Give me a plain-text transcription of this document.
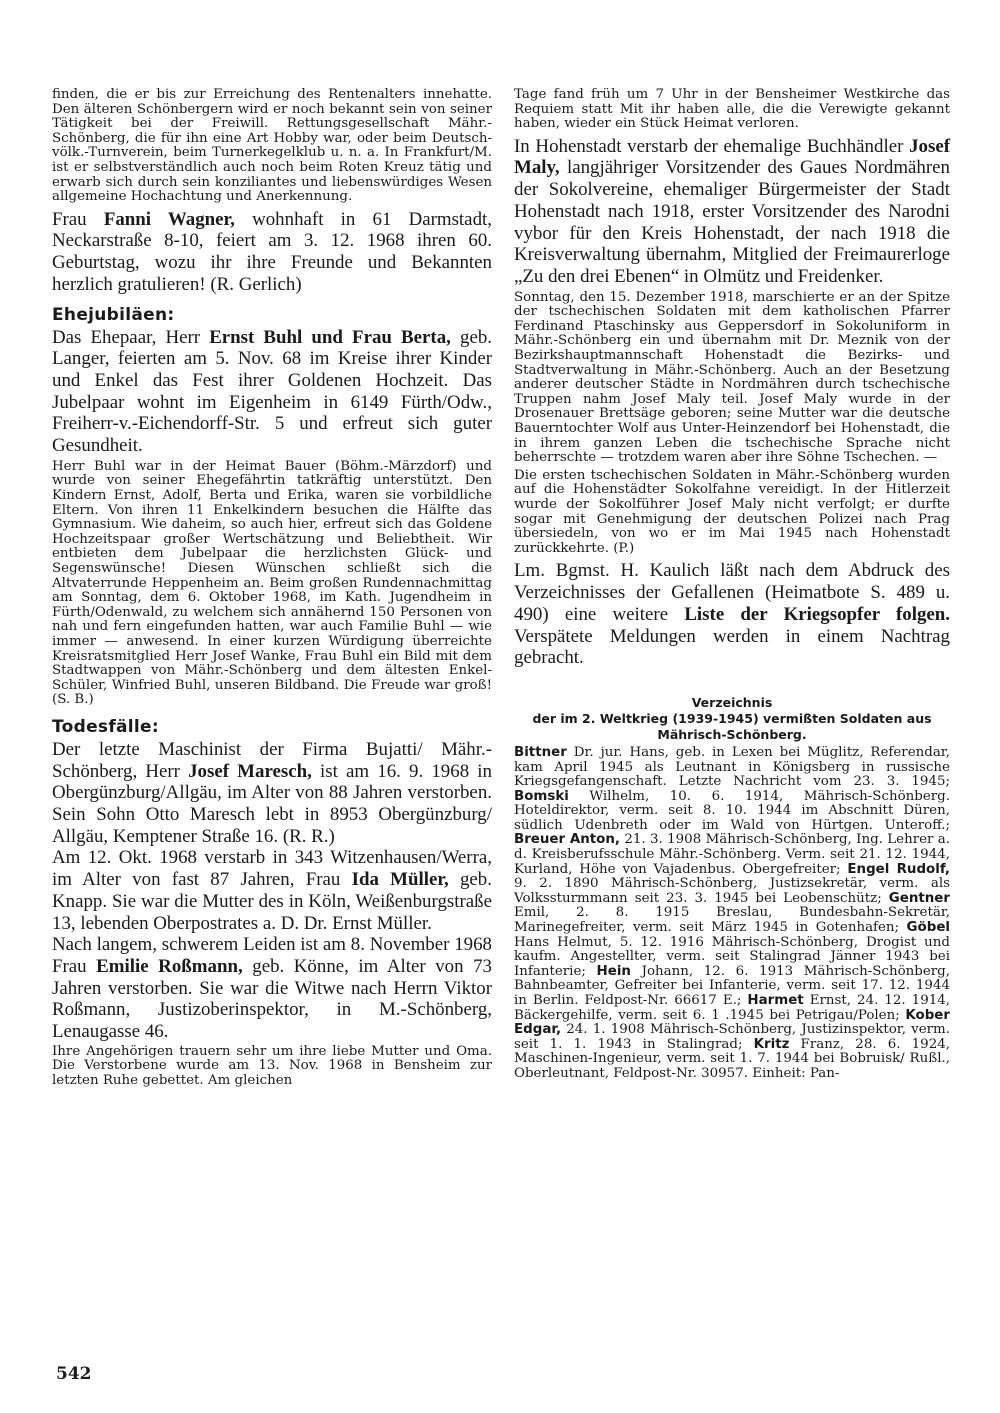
finden, die er bis zur Erreichung des Rentenalters innehatte. Den älteren Schönbergern wird er noch bekannt sein von seiner Tätigkeit bei der Freiwill. Rettungsgesellschaft Mähr.-Schönberg, die für ihn eine Art Hobby war, oder beim Deutsch-völk.-Turnverein, beim Turnerkegelklub u. n. a. In Frankfurt/M. ist er selbstverständlich auch noch beim Roten Kreuz tätig und erwarb sich durch sein konziliantes und liebenswürdiges Wesen allgemeine Hochachtung und Anerkennung.

Frau Fanni Wagner, wohnhaft in 61 Darmstadt, Neckarstraße 8-10, feiert am 3. 12. 1968 ihren 60. Geburtstag, wozu ihr ihre Freunde und Bekannten herzlich gratulieren! (R. Gerlich)

Ehejubiläen:

Das Ehepaar, Herr Ernst Buhl und Frau Berta, geb. Langer, feierten am 5. Nov. 68 im Kreise ihrer Kinder und Enkel das Fest ihrer Goldenen Hochzeit. Das Jubelpaar wohnt im Eigenheim in 6149 Fürth/Odw., Freiherr-v.-Eichendorff-Str. 5 und erfreut sich guter Gesundheit.

Herr Buhl war in der Heimat Bauer (Böhm.-Märzdorf) und wurde von seiner Ehegefährtin tatkräftig unterstützt. Den Kindern Ernst, Adolf, Berta und Erika, waren sie vorbildliche Eltern. Von ihren 11 Enkelkindern besuchen die Hälfte das Gymnasium. Wie daheim, so auch hier, erfreut sich das Goldene Hochzeitspaar großer Wertschätzung und Beliebtheit. Wir entbieten dem Jubelpaar die herzlichsten Glück- und Segenswünsche! Diesen Wünschen schließt sich die Altvaterrunde Heppenheim an. Beim großen Rundennachmittag am Sonntag, dem 6. Oktober 1968, im Kath. Jugendheim in Fürth/Odenwald, zu welchem sich annähernd 150 Personen von nah und fern eingefunden hatten, war auch Familie Buhl — wie immer — anwesend. In einer kurzen Würdigung überreichte Kreisratsmitglied Herr Josef Wanke, Frau Buhl ein Bild mit dem Stadtwappen von Mähr.-Schönberg und dem ältesten Enkel-Schüler, Winfried Buhl, unseren Bildband. Die Freude war groß! (S. B.)

Todesfälle:

Der letzte Maschinist der Firma Bujatti/ Mähr.-Schönberg, Herr Josef Maresch, ist am 16. 9. 1968 in Obergünzburg/Allgäu, im Alter von 88 Jahren verstorben. Sein Sohn Otto Maresch lebt in 8953 Obergünzburg/ Allgäu, Kemptener Straße 16. (R. R.)

Am 12. Okt. 1968 verstarb in 343 Witzenhausen/Werra, im Alter von fast 87 Jahren, Frau Ida Müller, geb. Knapp. Sie war die Mutter des in Köln, Weißenburgstraße 13, lebenden Oberpostrates a. D. Dr. Ernst Müller.

Nach langem, schwerem Leiden ist am 8. November 1968 Frau Emilie Roßmann, geb. Könne, im Alter von 73 Jahren verstorben. Sie war die Witwe nach Herrn Viktor Roßmann, Justizoberinspektor, in M.-Schönberg, Lenaugasse 46.

Ihre Angehörigen trauern sehr um ihre liebe Mutter und Oma. Die Verstorbene wurde am 13. Nov. 1968 in Bensheim zur letzten Ruhe gebettet. Am gleichen

Tage fand früh um 7 Uhr in der Bensheimer Westkirche das Requiem statt Mit ihr haben alle, die die Verewigte gekannt haben, wieder ein Stück Heimat verloren.

In Hohenstadt verstarb der ehemalige Buchhändler Josef Maly, langjähriger Vorsitzender des Gaues Nordmähren der Sokolvereine, ehemaliger Bürgermeister der Stadt Hohenstadt nach 1918, erster Vorsitzender des Narodni vybor für den Kreis Hohenstadt, der nach 1918 die Kreisverwaltung übernahm, Mitglied der Freimaurerloge „Zu den drei Ebenen“ in Olmütz und Freidenker.

Sonntag, den 15. Dezember 1918, marschierte er an der Spitze der tschechischen Soldaten mit dem katholischen Pfarrer Ferdinand Ptaschinsky aus Geppersdorf in Sokoluniform in Mähr.-Schönberg ein und übernahm mit Dr. Meznik von der Bezirkshauptmannschaft Hohenstadt die Bezirks- und Stadtverwaltung in Mähr.-Schönberg. Auch an der Besetzung anderer deutscher Städte in Nordmähren durch tschechische Truppen nahm Josef Maly teil. Josef Maly wurde in der Drosenauer Brettsäge geboren; seine Mutter war die deutsche Bauerntochter Wolf aus Unter-Heinzendorf bei Hohenstadt, die in ihrem ganzen Leben die tschechische Sprache nicht beherrschte — trotzdem waren aber ihre Söhne Tschechen. —

Die ersten tschechischen Soldaten in Mähr.-Schönberg wurden auf die Hohenstädter Sokolfahne vereidigt. In der Hitlerzeit wurde der Sokolführer Josef Maly nicht verfolgt; er durfte sogar mit Genehmigung der deutschen Polizei nach Prag übersiedeln, von wo er im Mai 1945 nach Hohenstadt zurückkehrte. (P.)

Lm. Bgmst. H. Kaulich läßt nach dem Abdruck des Verzeichnisses der Gefallenen (Heimatbote S. 489 u. 490) eine weitere Liste der Kriegsopfer folgen. Verspätete Meldungen werden in einem Nachtrag gebracht.

Verzeichnis
der im 2. Weltkrieg (1939-1945) vermißten Soldaten aus
Mährisch-Schönberg.

Bittner Dr. jur. Hans, geb. in Lexen bei Müglitz, Referendar, kam April 1945 als Leutnant in Königsberg in russische Kriegsgefangenschaft. Letzte Nachricht vom 23. 3. 1945; Bomski Wilhelm, 10. 6. 1914, Mährisch-Schönberg. Hoteldirektor, verm. seit 8. 10. 1944 im Abschnitt Düren, südlich Udenbreth oder im Wald von Hürtgen. Unteroff.; Breuer Anton, 21. 3. 1908 Mährisch-Schönberg, Ing. Lehrer a. d. Kreisberufsschule Mähr.-Schönberg. Verm. seit 21. 12. 1944, Kurland, Höhe von Vajadenbus. Obergefreiter; Engel Rudolf, 9. 2. 1890 Mährisch-Schönberg, Justizsekretär, verm. als Volkssturmmann seit 23. 3. 1945 bei Leobenschütz; Gentner Emil, 2. 8. 1915 Breslau, Bundesbahn-Sekretär, Marinegefreiter, verm. seit März 1945 in Gotenhafen; Göbel Hans Helmut, 5. 12. 1916 Mährisch-Schönberg, Drogist und kaufm. Angestellter, verm. seit Stalingrad Jänner 1943 bei Infanterie; Hein Johann, 12. 6. 1913 Mährisch-Schönberg, Bahnbeamter, Gefreiter bei Infanterie, verm. seit 17. 12. 1944 in Berlin. Feldpost-Nr. 66617 E.; Harmet Ernst, 24. 12. 1914, Bäckergehilfe, verm. seit 6. 1 .1945 bei Petrigau/Polen; Kober Edgar, 24. 1. 1908 Mährisch-Schönberg, Justizinspektor, verm. seit 1. 1. 1943 in Stalingrad; Kritz Franz, 28. 6. 1924, Maschinen-Ingenieur, verm. seit 1. 7. 1944 bei Bobruisk/ Rußl., Oberleutnant, Feldpost-Nr. 30957. Einheit: Pan-

542
